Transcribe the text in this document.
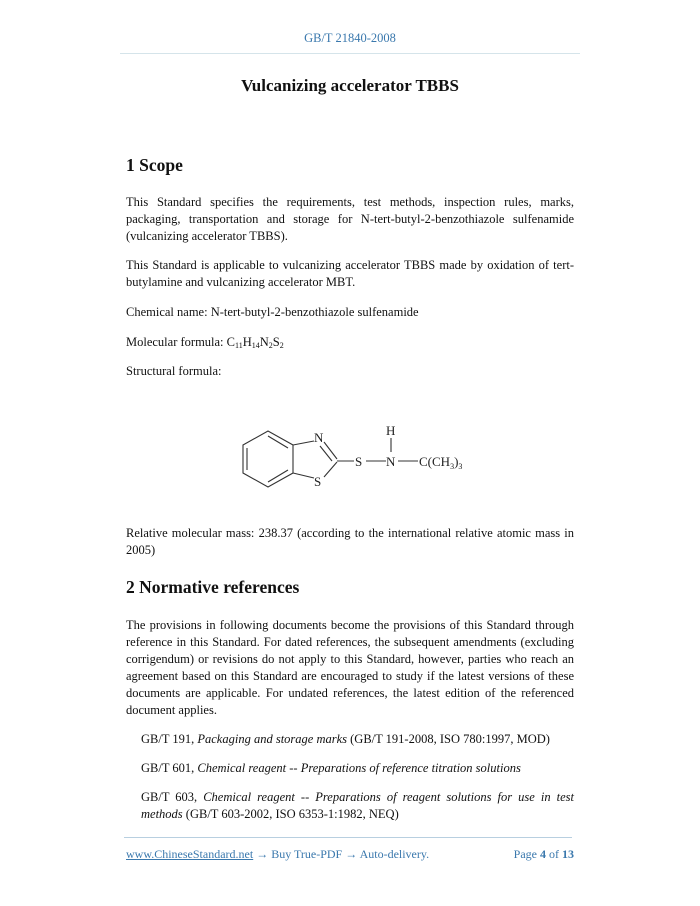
GB/T 21840-2008
Vulcanizing accelerator TBBS
1 Scope
This Standard specifies the requirements, test methods, inspection rules, marks, packaging, transportation and storage for N-tert-butyl-2-benzothiazole sulfenamide (vulcanizing accelerator TBBS).
This Standard is applicable to vulcanizing accelerator TBBS made by oxidation of tert-butylamine and vulcanizing accelerator MBT.
Chemical name: N-tert-butyl-2-benzothiazole sulfenamide
Molecular formula: $C_{11}H_{14}N_2S_2$
Structural formula:
N
S
S N
H
$C(CH_3)_3$
Relative molecular mass: 238.37 (according to the international relative atomic mass in 2005)
2 Normative references
The provisions in following documents become the provisions of this Standard through reference in this Standard. For dated references, the subsequent amendments (excluding corrigendum) or revisions do not apply to this Standard, however, parties who reach an agreement based on this Standard are encouraged to study if the latest versions of these documents are applicable. For undated references, the latest edition of the referenced document applies.
GB/T 191, Packaging and storage marks (GB/T 191-2008, ISO 780:1997, MOD)
GB/T 601, Chemical reagent -- Preparations of reference titration solutions
GB/T 603, Chemical reagent -- Preparations of reagent solutions for use in test methods (GB/T 603-2002, ISO 6353-1:1982, NEQ)
www.ChineseStandard.net → Buy True-PDF → Auto-delivery.	Page 4 of 13
